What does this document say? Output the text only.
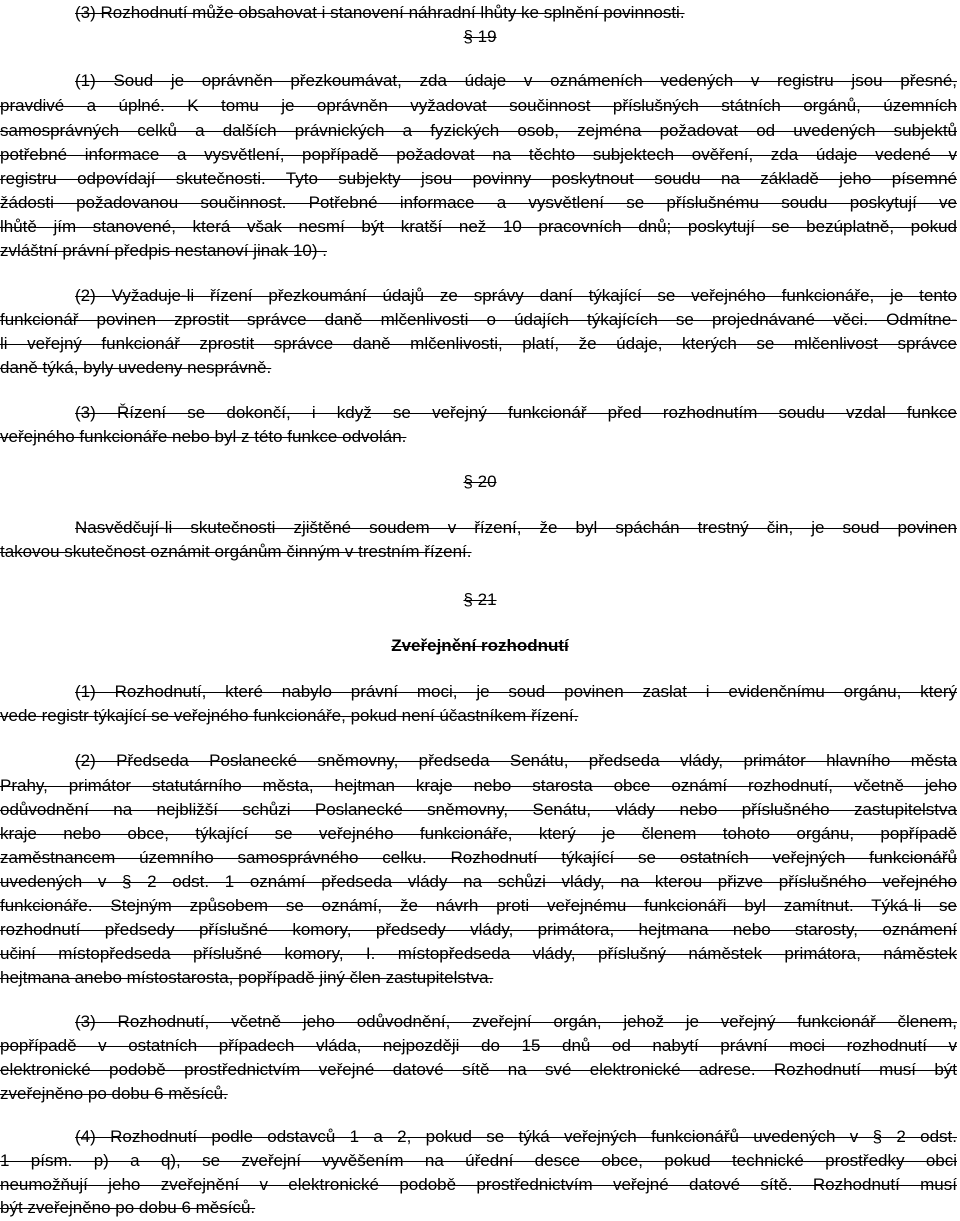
(3) Rozhodnutí může obsahovat i stanovení náhradní lhůty ke splnění povinnosti.
§ 19
(1) Soud je oprávněn přezkoumávat, zda údaje v oznámeních vedených v registru jsou přesné,
pravdivé a úplné. K tomu je oprávněn vyžadovat součinnost příslušných státních orgánů, územních
samosprávných celků a dalších právnických a fyzických osob, zejména požadovat od uvedených subjektů
potřebné informace a vysvětlení, popřípadě požadovat na těchto subjektech ověření, zda údaje vedené v
registru odpovídají skutečnosti. Tyto subjekty jsou povinny poskytnout soudu na základě jeho písemné
žádosti požadovanou součinnost. Potřebné informace a vysvětlení se příslušnému soudu poskytují ve
lhůtě jím stanovené, která však nesmí být kratší než 10 pracovních dnů; poskytují se bezúplatně, pokud
zvláštní právní předpis nestanoví jinak 10) .
(2) Vyžaduje-li řízení přezkoumání údajů ze správy daní týkající se veřejného funkcionáře, je tento
funkcionář povinen zprostit správce daně mlčenlivosti o údajích týkajících se projednávané věci. Odmítne-
li veřejný funkcionář zprostit správce daně mlčenlivosti, platí, že údaje, kterých se mlčenlivost správce
daně týká, byly uvedeny nesprávně.
(3) Řízení se dokončí, i když se veřejný funkcionář před rozhodnutím soudu vzdal funkce
veřejného funkcionáře nebo byl z této funkce odvolán.
§ 20
Nasvědčují-li skutečnosti zjištěné soudem v řízení, že byl spáchán trestný čin, je soud povinen
takovou skutečnost oznámit orgánům činným v trestním řízení.
§ 21
Zveřejnění rozhodnutí
(1) Rozhodnutí, které nabylo právní moci, je soud povinen zaslat i evidenčnímu orgánu, který
vede registr týkající se veřejného funkcionáře, pokud není účastníkem řízení.
(2) Předseda Poslanecké sněmovny, předseda Senátu, předseda vlády, primátor hlavního města
Prahy, primátor statutárního města, hejtman kraje nebo starosta obce oznámí rozhodnutí, včetně jeho
odůvodnění na nejbližší schůzi Poslanecké sněmovny, Senátu, vlády nebo příslušného zastupitelstva
kraje nebo obce, týkající se veřejného funkcionáře, který je členem tohoto orgánu, popřípadě
zaměstnancem územního samosprávného celku. Rozhodnutí týkající se ostatních veřejných funkcionářů
uvedených v § 2 odst. 1 oznámí předseda vlády na schůzi vlády, na kterou přizve příslušného veřejného
funkcionáře. Stejným způsobem se oznámí, že návrh proti veřejnému funkcionáři byl zamítnut. Týká-li se
rozhodnutí předsedy příslušné komory, předsedy vlády, primátora, hejtmana nebo starosty, oznámení
učiní místopředseda příslušné komory, I. místopředseda vlády, příslušný náměstek primátora, náměstek
hejtmana anebo místostarosta, popřípadě jiný člen zastupitelstva.
(3) Rozhodnutí, včetně jeho odůvodnění, zveřejní orgán, jehož je veřejný funkcionář členem,
popřípadě v ostatních případech vláda, nejpozději do 15 dnů od nabytí právní moci rozhodnutí v
elektronické podobě prostřednictvím veřejné datové sítě na své elektronické adrese. Rozhodnutí musí být
zveřejněno po dobu 6 měsíců.
(4) Rozhodnutí podle odstavců 1 a 2, pokud se týká veřejných funkcionářů uvedených v § 2 odst.
1 písm. p) a q), se zveřejní vyvěšením na úřední desce obce, pokud technické prostředky obci
neumožňují jeho zveřejnění v elektronické podobě prostřednictvím veřejné datové sítě. Rozhodnutí musí
být zveřejněno po dobu 6 měsíců.
